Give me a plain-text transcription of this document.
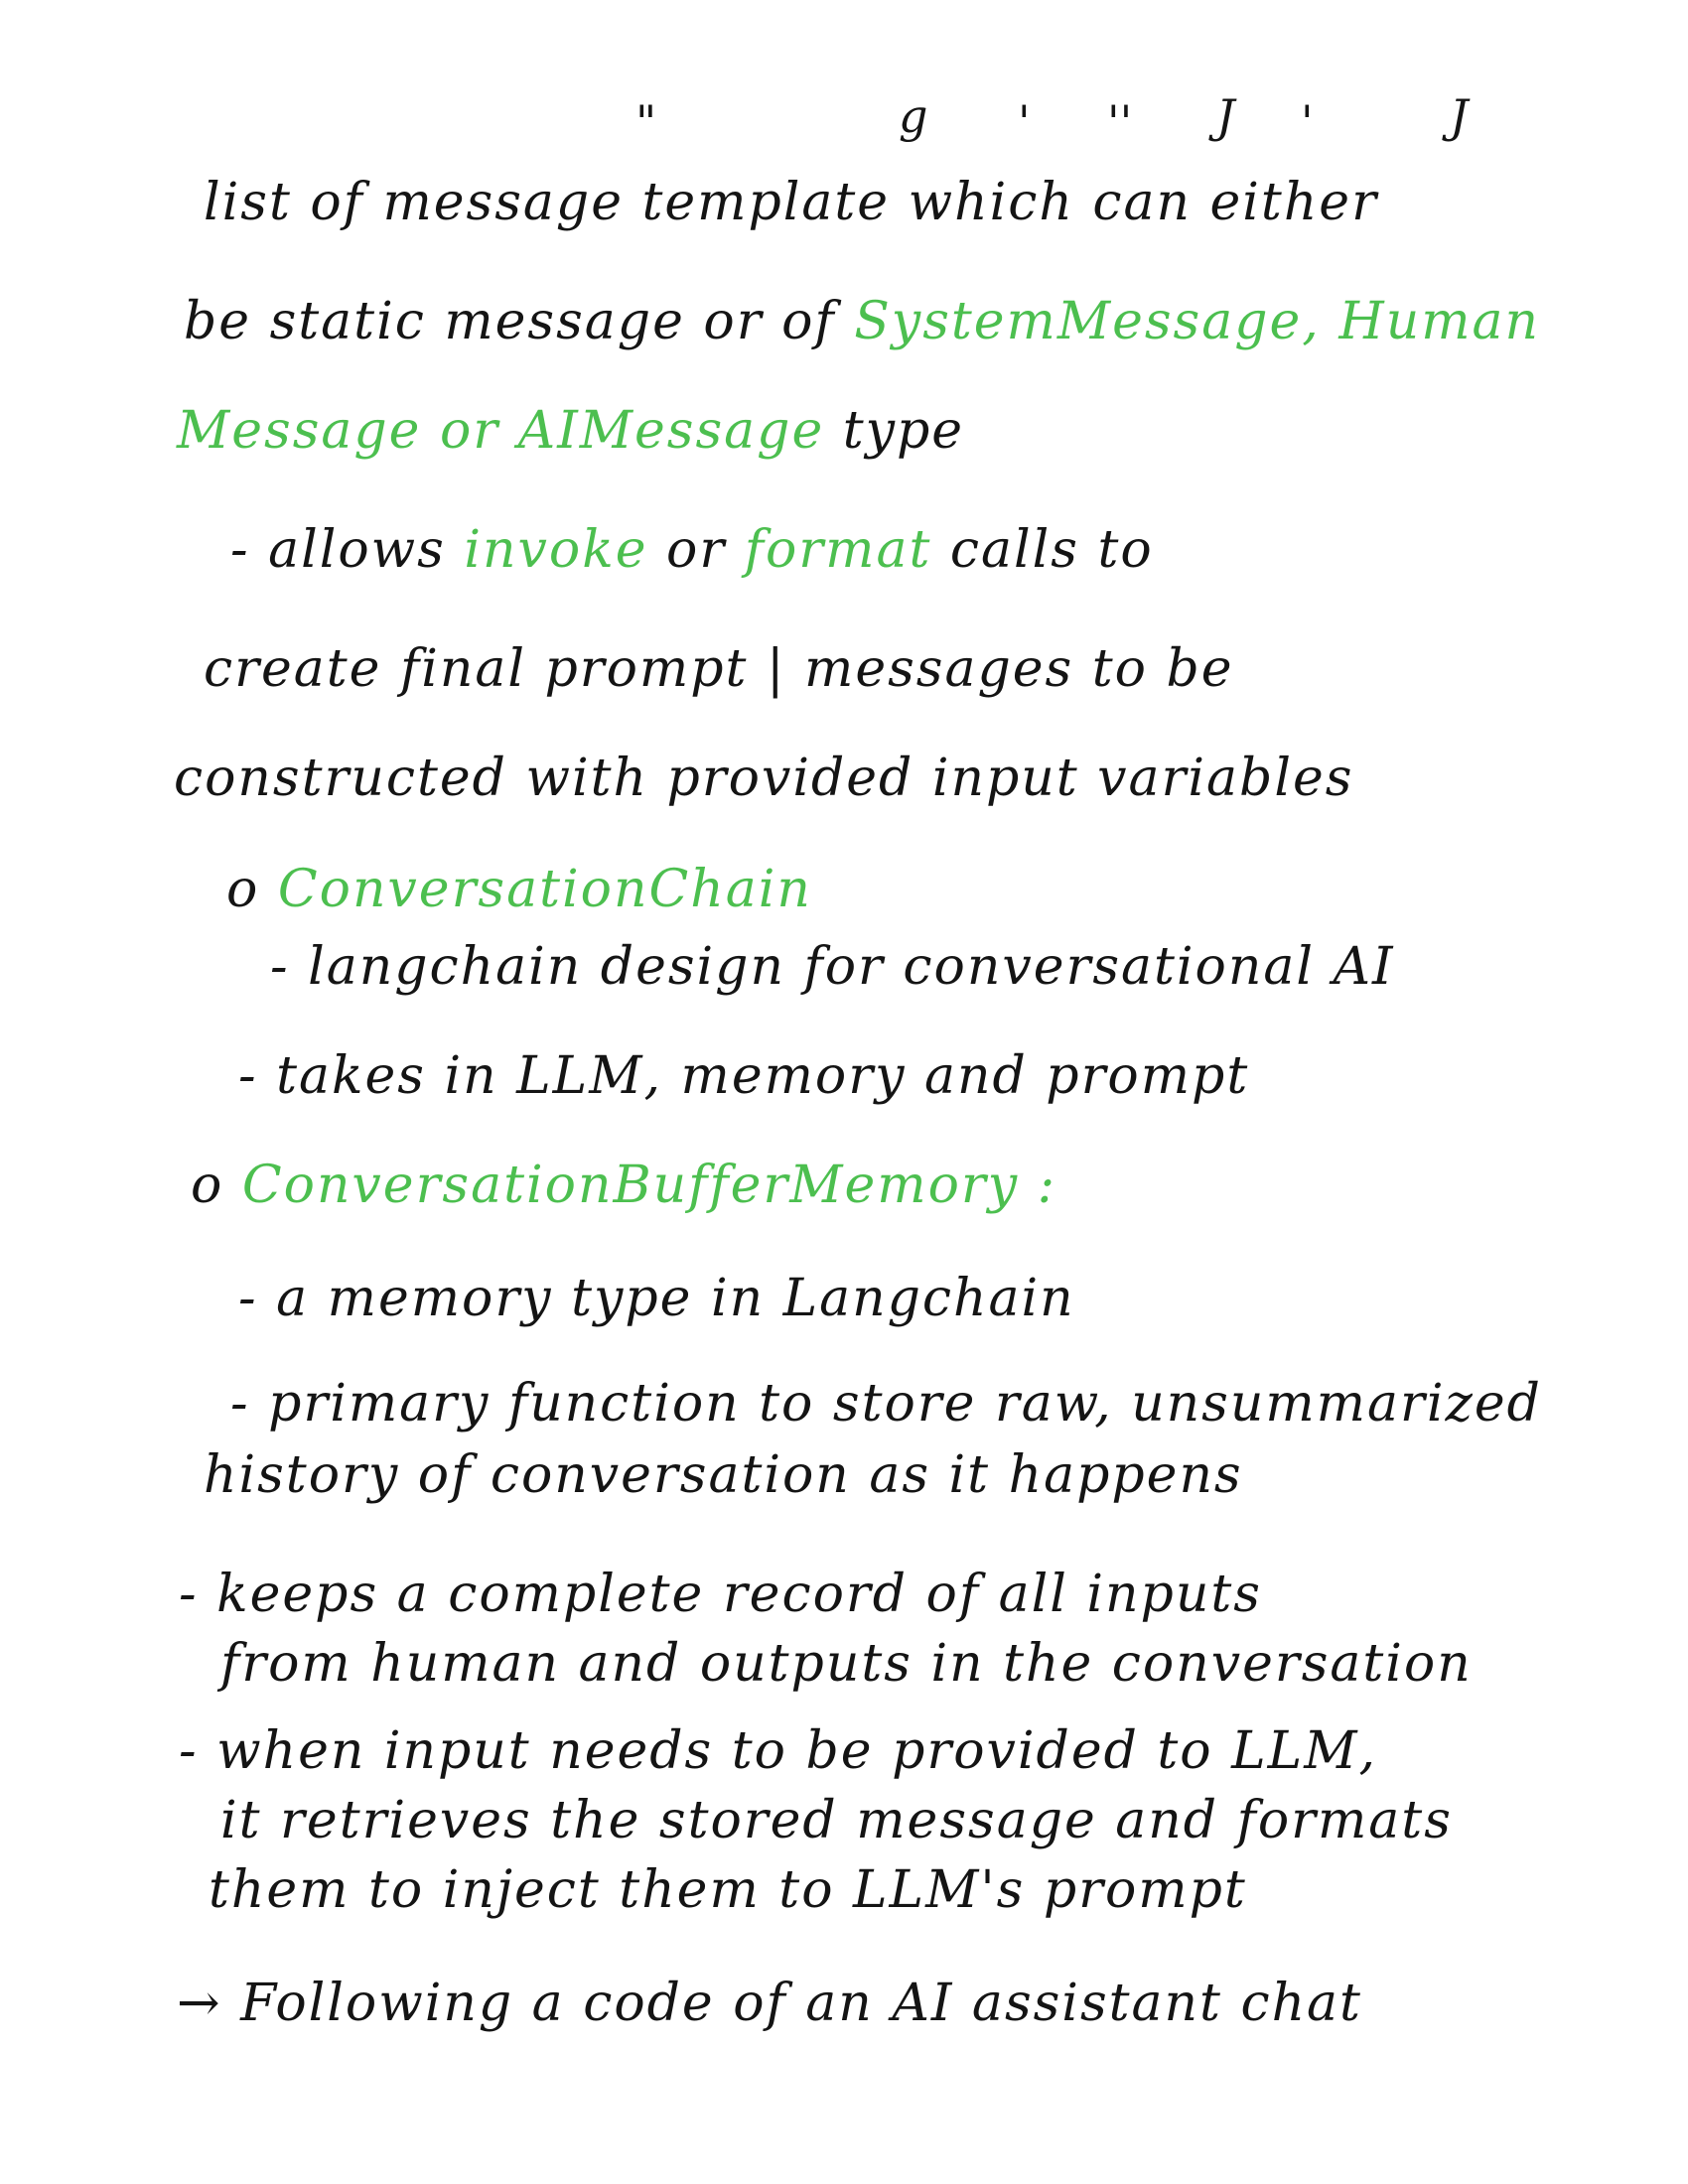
"	g ' '' J '	J
list of message template which can either
be static message or of SystemMessage, Human
Message or AIMessage type
- allows invoke or format calls to
create final prompt | messages to be
constructed with provided input variables
o ConversationChain
- langchain design for conversational AI
- takes in LLM, memory and prompt
o ConversationBufferMemory :
- a memory type in Langchain
- primary function to store raw, unsummarized
history of conversation as it happens
- keeps a complete record of all inputs
from human and outputs in the conversation
- when input needs to be provided to LLM,
it retrieves the stored message and formats
them to inject them to LLM's prompt
→ Following a code of an AI assistant chat
